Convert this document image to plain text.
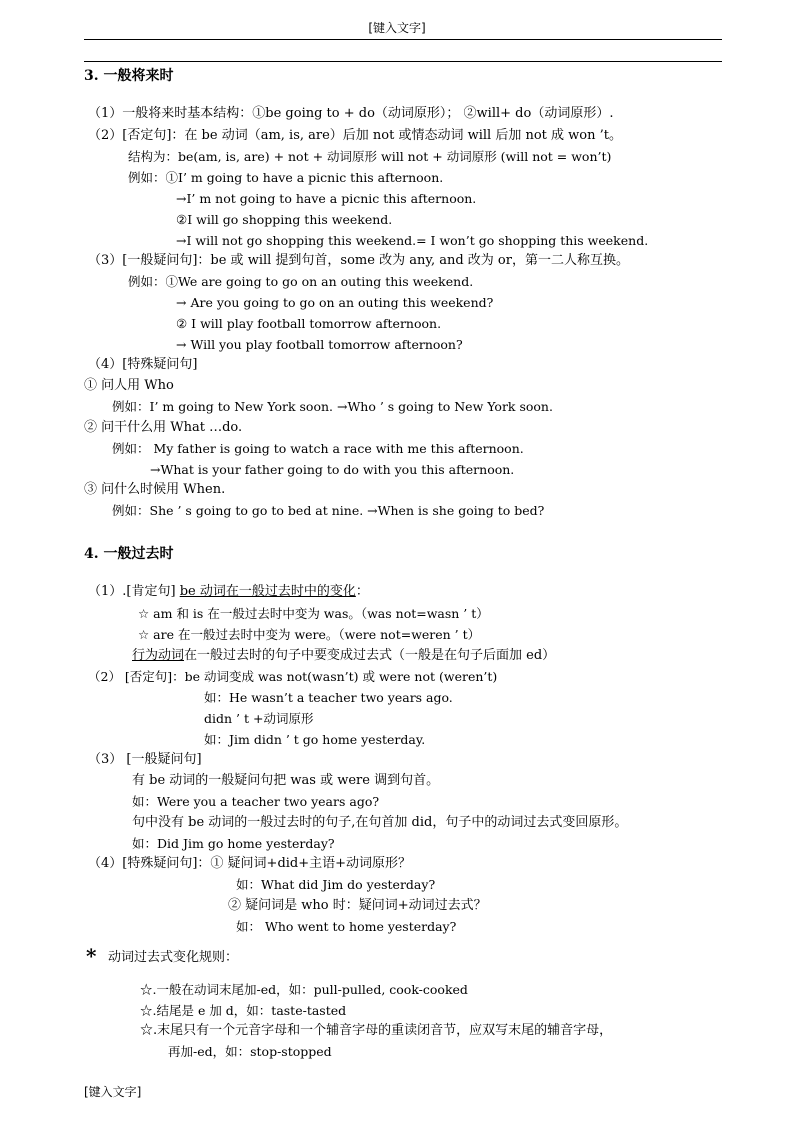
[键入文字]
3. 一般将来时
（1）一般将来时基本结构：①be going to + do（动词原形）； ②will+ do（动词原形）.
（2）[否定句]：在 be 动词（am, is, are）后加 not 或情态动词 will 后加 not 成 won ’t。
结构为：be(am, is, are) + not + 动词原形 will not + 动词原形 (will not = won’t)
例如：①I’ m going to have a picnic this afternoon.
→I’ m not going to have a picnic this afternoon.
②I will go shopping this weekend.
→I will not go shopping this weekend.= I won’t go shopping this weekend.
（3）[一般疑问句]：be 或 will 提到句首，some 改为 any, and 改为 or，第一二人称互换。
例如：①We are going to go on an outing this weekend.
→ Are you going to go on an outing this weekend?
② I will play football tomorrow afternoon.
→ Will you play football tomorrow afternoon?
（4）[特殊疑问句]
① 问人用 Who
例如：I’ m going to New York soon. →Who ’ s going to New York soon.
② 问干什么用 What …do.
例如： My father is going to watch a race with me this afternoon.
→What is your father going to do with you this afternoon.
③ 问什么时候用 When.
例如：She ’ s going to go to bed at nine. →When is she going to bed?
4. 一般过去时
（1）.[肯定句] be 动词在一般过去时中的变化：
☆ am 和 is 在一般过去时中变为 was。（was not=wasn ’ t）
☆ are 在一般过去时中变为 were。（were not=weren ’ t）
行为动词在一般过去时的句子中要变成过去式（一般是在句子后面加 ed）
（2） [否定句]：be 动词变成 was not(wasn’t) 或 were not (weren’t)
如：He wasn’t a teacher two years ago.
didn ’ t +动词原形
如：Jim didn ’ t go home yesterday.
（3） [一般疑问句]
有 be 动词的一般疑问句把 was 或 were 调到句首。
如：Were you a teacher two years ago?
句中没有 be 动词的一般过去时的句子,在句首加 did，句子中的动词过去式变回原形。
如：Did Jim go home yesterday?
（4）[特殊疑问句]：① 疑问词+did+主语+动词原形？
如：What did Jim do yesterday?
② 疑问词是 who 时：疑问词+动词过去式？
如： Who went to home yesterday?
* 动词过去式变化规则：
☆.一般在动词末尾加-ed，如：pull-pulled, cook-cooked
☆.结尾是 e 加 d，如：taste-tasted
☆.末尾只有一个元音字母和一个辅音字母的重读闭音节，应双写末尾的辅音字母，
再加-ed，如：stop-stopped
[键入文字]
